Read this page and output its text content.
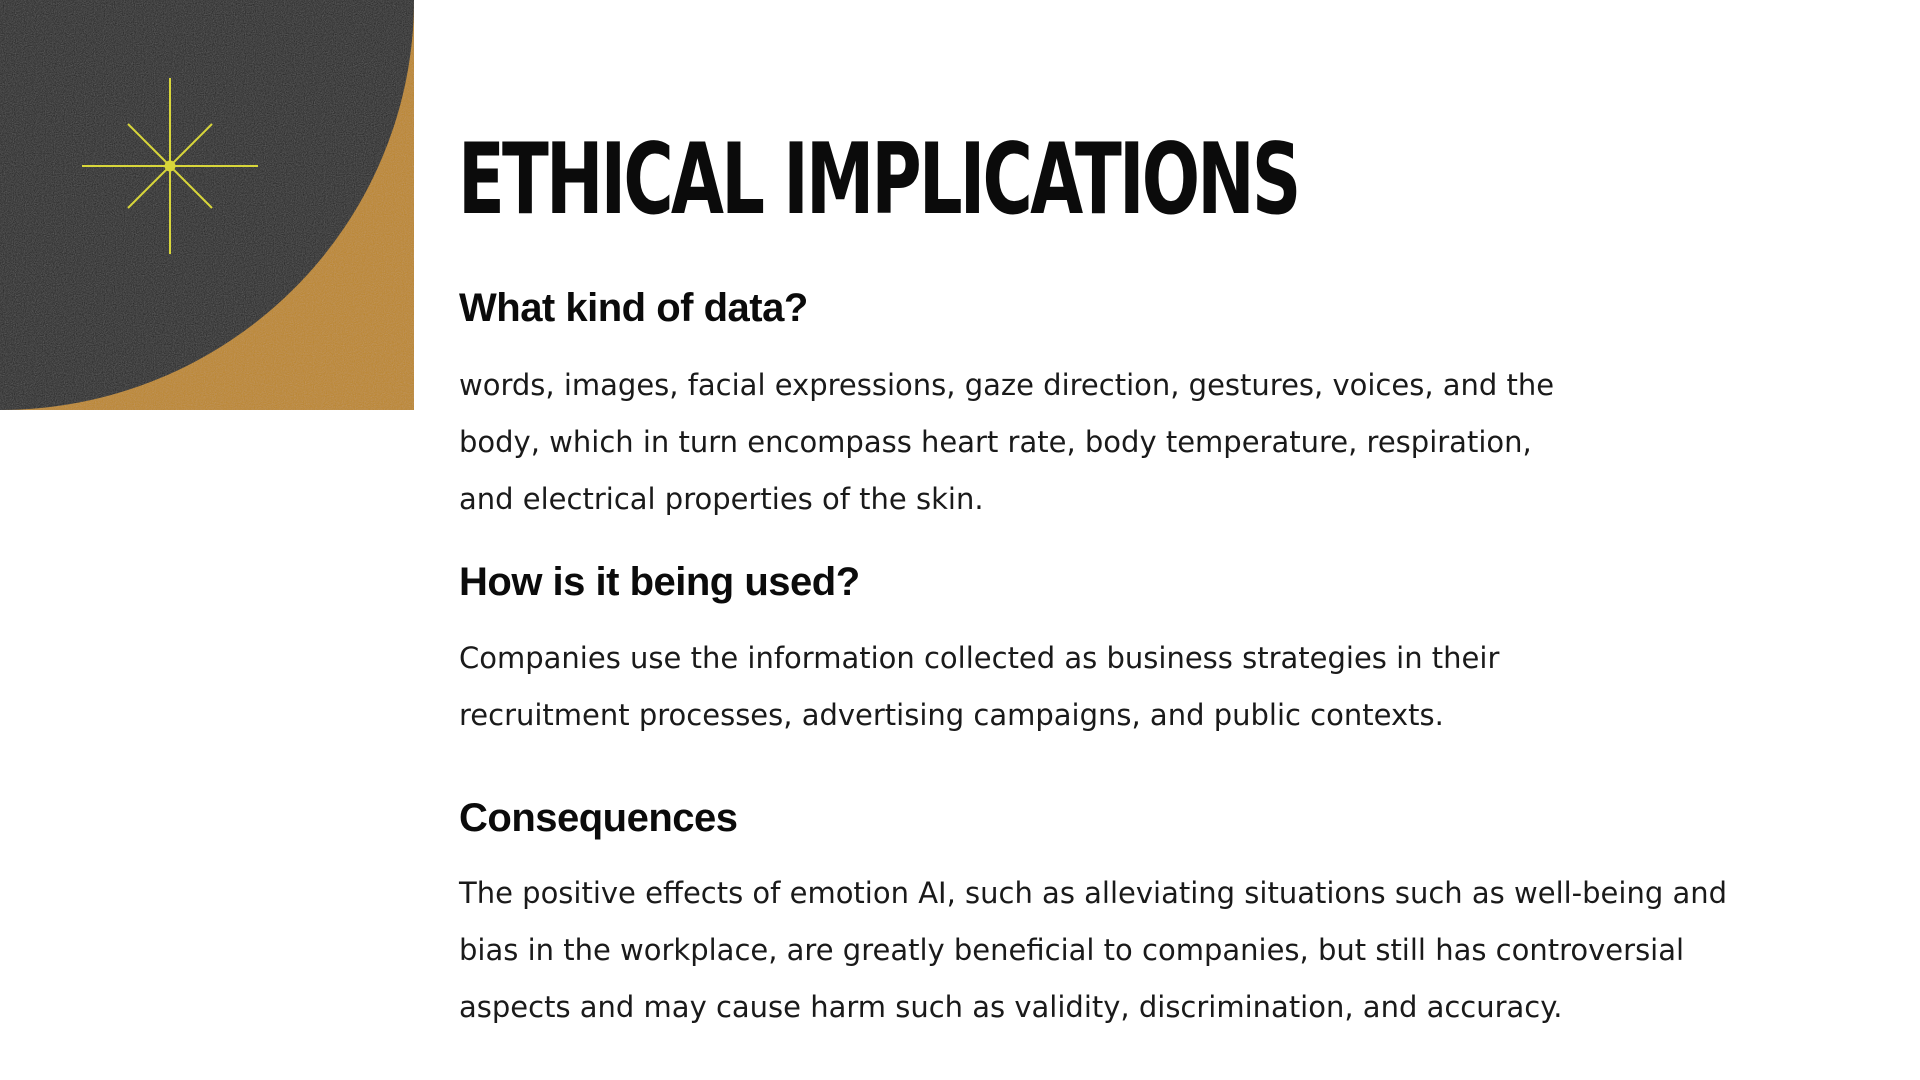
ETHICAL IMPLICATIONS
What kind of data?

words, images, facial expressions, gaze direction, gestures, voices, and the
body, which in turn encompass heart rate, body temperature, respiration,
and electrical properties of the skin.

How is it being used?

Companies use the information collected as business strategies in their
recruitment processes, advertising campaigns, and public contexts.

Consequences

The positive effects of emotion AI, such as alleviating situations such as well-being and
bias in the workplace, are greatly beneficial to companies, but still has controversial
aspects and may cause harm such as validity, discrimination, and accuracy.
